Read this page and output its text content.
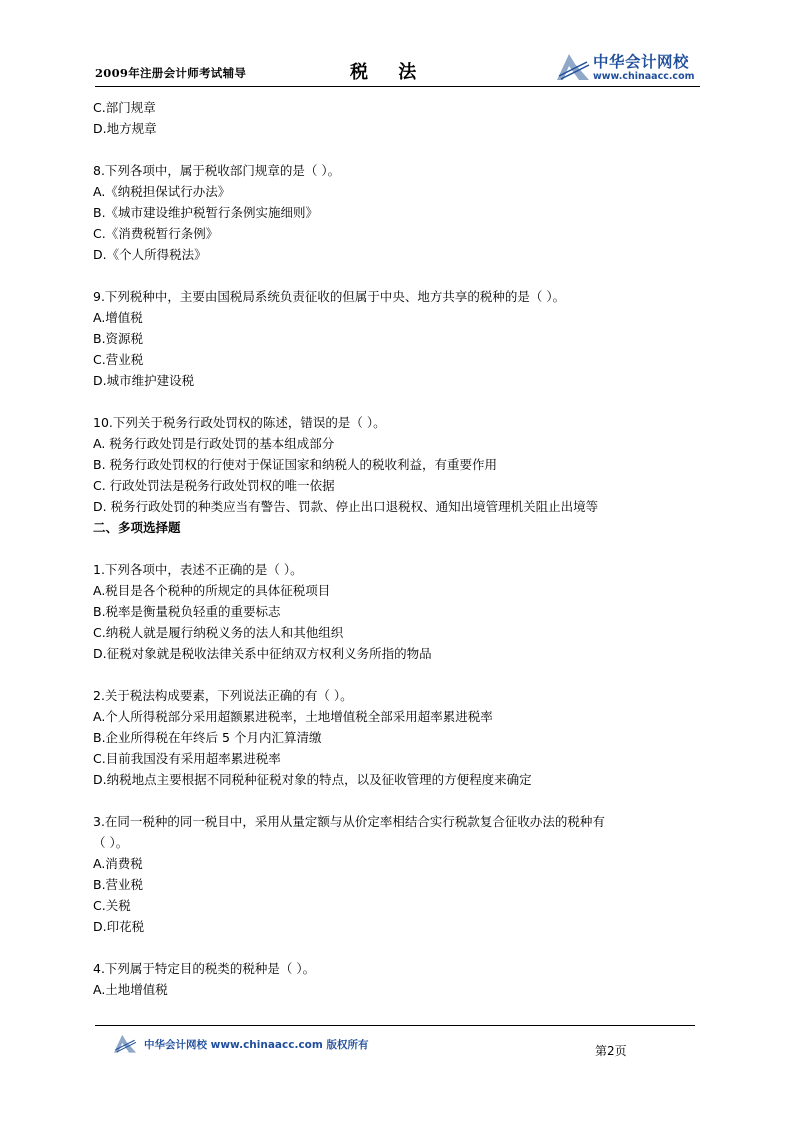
2009年注册会计师考试辅导	税 法	中华会计网校
www.chinaacc.com
C.部门规章
D.地方规章
8.下列各项中，属于税收部门规章的是（ ）。
A.《纳税担保试行办法》
B.《城市建设维护税暂行条例实施细则》
C.《消费税暂行条例》
D.《个人所得税法》
9.下列税种中，主要由国税局系统负责征收的但属于中央、地方共享的税种的是（ ）。
A.增值税
B.资源税
C.营业税
D.城市维护建设税
10.下列关于税务行政处罚权的陈述，错误的是（ ）。
A. 税务行政处罚是行政处罚的基本组成部分
B. 税务行政处罚权的行使对于保证国家和纳税人的税收利益，有重要作用
C. 行政处罚法是税务行政处罚权的唯一依据
D. 税务行政处罚的种类应当有警告、罚款、停止出口退税权、通知出境管理机关阻止出境等
二、多项选择题
1.下列各项中，表述不正确的是（ ）。
A.税目是各个税种的所规定的具体征税项目
B.税率是衡量税负轻重的重要标志
C.纳税人就是履行纳税义务的法人和其他组织
D.征税对象就是税收法律关系中征纳双方权利义务所指的物品
2.关于税法构成要素，下列说法正确的有（ ）。
A.个人所得税部分采用超额累进税率，土地增值税全部采用超率累进税率
B.企业所得税在年终后 5 个月内汇算清缴
C.目前我国没有采用超率累进税率
D.纳税地点主要根据不同税种征税对象的特点，以及征收管理的方便程度来确定
3.在同一税种的同一税目中，采用从量定额与从价定率相结合实行税款复合征收办法的税种有
（ ）。
A.消费税
B.营业税
C.关税
D.印花税
4.下列属于特定目的税类的税种是（ ）。
A.土地增值税
中华会计网校 www.chinaacc.com 版权所有	第2页
